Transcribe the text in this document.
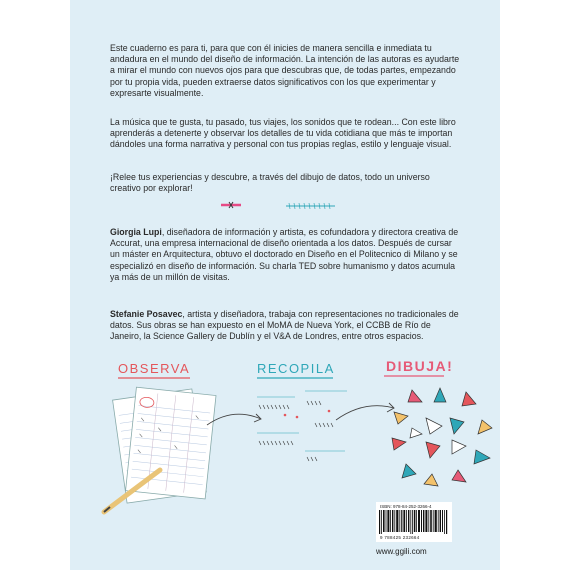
Este cuaderno es para ti, para que con él inicies de manera sencilla e inmediata tu andadura en el mundo del diseño de información. La intención de las autoras es ayudarte a mirar el mundo con nuevos ojos para que descubras que, de todas partes, empezando por tu propia vida, pueden extraerse datos significativos con los que experimentar y expresarte visualmente.

La música que te gusta, tu pasado, tus viajes, los sonidos que te rodean... Con este libro aprenderás a detenerte y observar los detalles de tu vida cotidiana que más te importan dándoles una forma narrativa y personal con tus propias reglas, estilo y lenguaje visual.

¡Relee tus experiencias y descubre, a través del dibujo de datos, todo un universo creativo por explorar!

Giorgia Lupi, diseñadora de información y artista, es cofundadora y directora creativa de Accurat, una empresa internacional de diseño orientada a los datos. Después de cursar un máster en Arquitectura, obtuvo el doctorado en Diseño en el Politecnico di Milano y se especializó en diseño de información. Su charla TED sobre humanismo y datos acumula ya más de un millón de visitas.

Stefanie Posavec, artista y diseñadora, trabaja con representaciones no tradicionales de datos. Sus obras se han expuesto en el MoMA de Nueva York, el CCBB de Río de Janeiro, la Science Gallery de Dublín y el V&A de Londres, entre otros espacios.

OBSERVA	RECOPILA	DIBUJA!
ISBN: 978-84-252-3266-4
9 788425 232664
www.ggili.com
